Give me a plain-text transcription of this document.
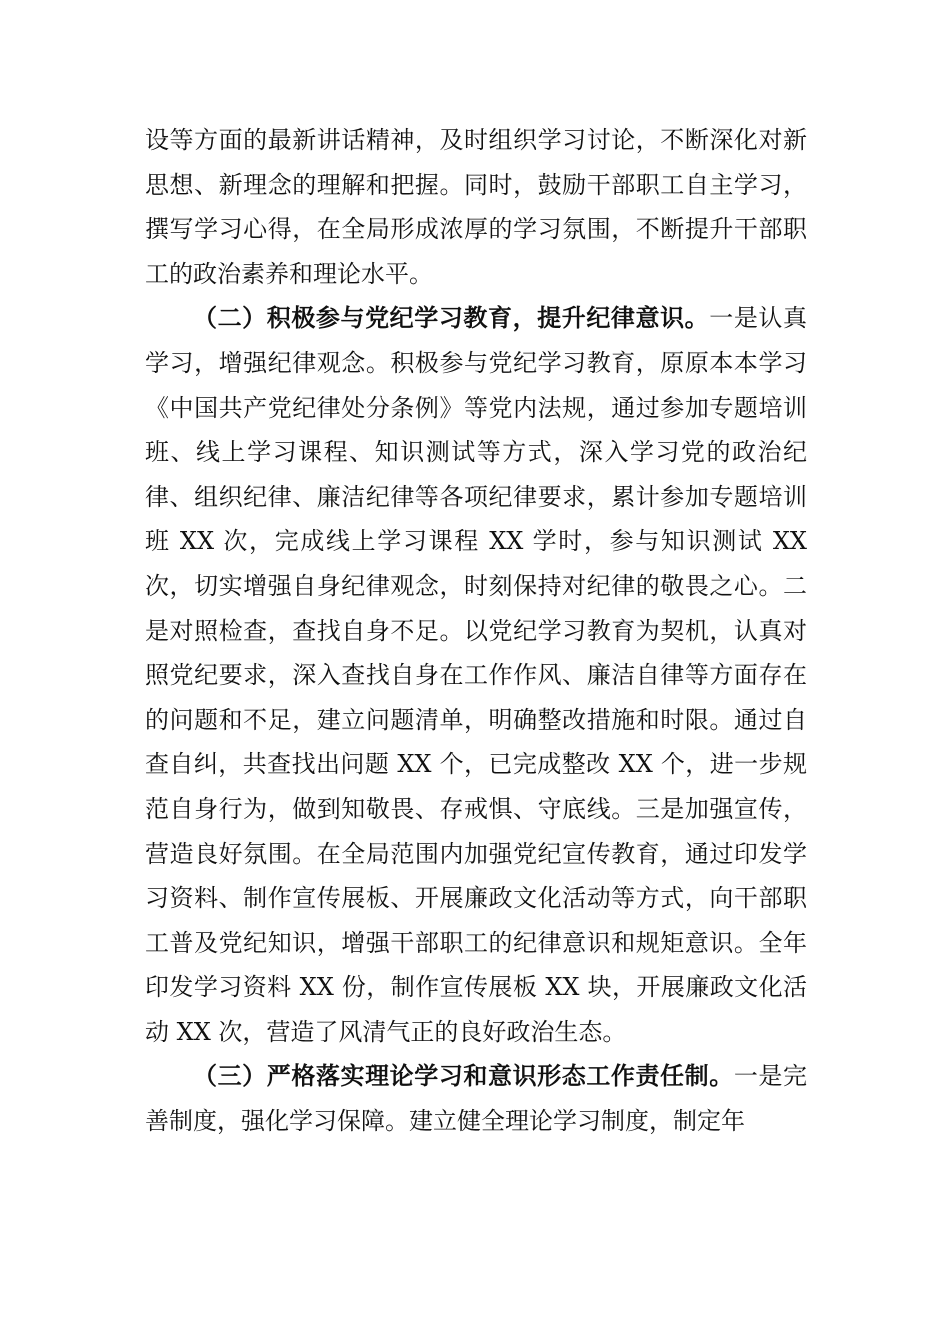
设等方面的最新讲话精神，及时组织学习讨论，不断深化对新思想、新理念的理解和把握。同时，鼓励干部职工自主学习，撰写学习心得，在全局形成浓厚的学习氛围，不断提升干部职工的政治素养和理论水平。

（二）积极参与党纪学习教育，提升纪律意识。一是认真学习，增强纪律观念。积极参与党纪学习教育，原原本本学习《中国共产党纪律处分条例》等党内法规，通过参加专题培训班、线上学习课程、知识测试等方式，深入学习党的政治纪律、组织纪律、廉洁纪律等各项纪律要求，累计参加专题培训班 XX 次，完成线上学习课程 XX 学时，参与知识测试 XX 次，切实增强自身纪律观念，时刻保持对纪律的敬畏之心。二是对照检查，查找自身不足。以党纪学习教育为契机，认真对照党纪要求，深入查找自身在工作作风、廉洁自律等方面存在的问题和不足，建立问题清单，明确整改措施和时限。通过自查自纠，共查找出问题 XX 个，已完成整改 XX 个，进一步规范自身行为，做到知敬畏、存戒惧、守底线。三是加强宣传，营造良好氛围。在全局范围内加强党纪宣传教育，通过印发学习资料、制作宣传展板、开展廉政文化活动等方式，向干部职工普及党纪知识，增强干部职工的纪律意识和规矩意识。全年印发学习资料 XX 份，制作宣传展板 XX 块，开展廉政文化活动 XX 次，营造了风清气正的良好政治生态。

（三）严格落实理论学习和意识形态工作责任制。一是完善制度，强化学习保障。建立健全理论学习制度，制定年
